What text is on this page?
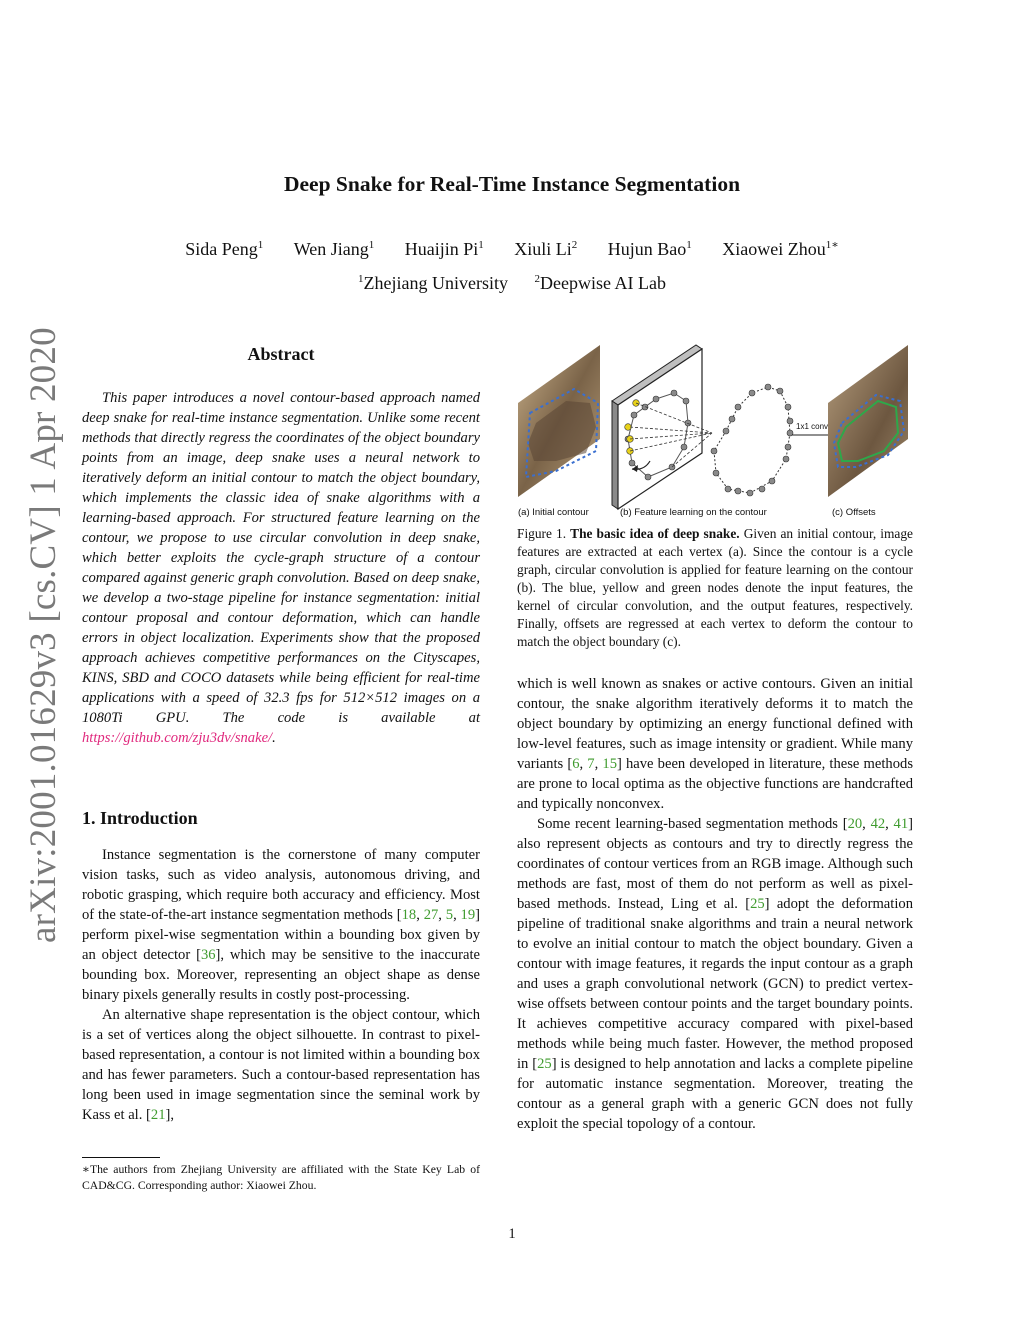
Deep Snake for Real-Time Instance Segmentation
Sida Peng$^1$ Wen Jiang$^1$ Huaijin Pi$^1$ Xiuli Li$^2$ Hujun Bao$^1$ Xiaowei Zhou$^{1∗}$
$^1$Zhejiang University $^2$Deepwise AI Lab
arXiv:2001.01629v3 [cs.CV] 1 Apr 2020	Abstract

This paper introduces a novel contour-based approach named deep snake for real-time instance segmentation. Unlike some recent methods that directly regress the coordinates of the object boundary points from an image, deep snake uses a neural network to iteratively deform an initial contour to match the object boundary, which implements the classic idea of snake algorithms with a learning-based approach. For structured feature learning on the contour, we propose to use circular convolution in deep snake, which better exploits the cycle-graph structure of a contour compared against generic graph convolution. Based on deep snake, we develop a two-stage pipeline for instance segmentation: initial contour proposal and contour deformation, which can handle errors in object localization. Experiments show that the proposed approach achieves competitive performances on the Cityscapes, KINS, SBD and COCO datasets while being efficient for real-time applications with a speed of 32.3 fps for 512×512 images on a 1080Ti GPU. The code is available at https://github.com/zju3dv/snake/.

1. Introduction

Instance segmentation is the cornerstone of many computer vision tasks, such as video analysis, autonomous driving, and robotic grasping, which require both accuracy and efficiency. Most of the state-of-the-art instance segmentation methods [18, 27, 5, 19] perform pixel-wise segmentation within a bounding box given by an object detector [36], which may be sensitive to the inaccurate bounding box. Moreover, representing an object shape as dense binary pixels generally results in costly post-processing.

An alternative shape representation is the object contour, which is a set of vertices along the object silhouette. In contrast to pixel-based representation, a contour is not limited within a bounding box and has fewer parameters. Such a contour-based representation has long been used in image segmentation since the seminal work by Kass et al. [21],

∗The authors from Zhejiang University are affiliated with the State Key Lab of CAD&CG. Corresponding author: Xiaowei Zhou.
1x1 conv
(a) Initial contour	(b) Feature learning on the contour	(c) Offsets
Figure 1. The basic idea of deep snake. Given an initial contour, image features are extracted at each vertex (a). Since the contour is a cycle graph, circular convolution is applied for feature learning on the contour (b). The blue, yellow and green nodes denote the input features, the kernel of circular convolution, and the output features, respectively. Finally, offsets are regressed at each vertex to deform the contour to match the object boundary (c).

which is well known as snakes or active contours. Given an initial contour, the snake algorithm iteratively deforms it to match the object boundary by optimizing an energy functional defined with low-level features, such as image intensity or gradient. While many variants [6, 7, 15] have been developed in literature, these methods are prone to local optima as the objective functions are handcrafted and typically nonconvex.

Some recent learning-based segmentation methods [20, 42, 41] also represent objects as contours and try to directly regress the coordinates of contour vertices from an RGB image. Although such methods are fast, most of them do not perform as well as pixel-based methods. Instead, Ling et al. [25] adopt the deformation pipeline of traditional snake algorithms and train a neural network to evolve an initial contour to match the object boundary. Given a contour with image features, it regards the input contour as a graph and uses a graph convolutional network (GCN) to predict vertex-wise offsets between contour points and the target boundary points. It achieves competitive accuracy compared with pixel-based methods while being much faster. However, the method proposed in [25] is designed to help annotation and lacks a complete pipeline for automatic instance segmentation. Moreover, treating the contour as a general graph with a generic GCN does not fully exploit the special topology of a contour.

1
